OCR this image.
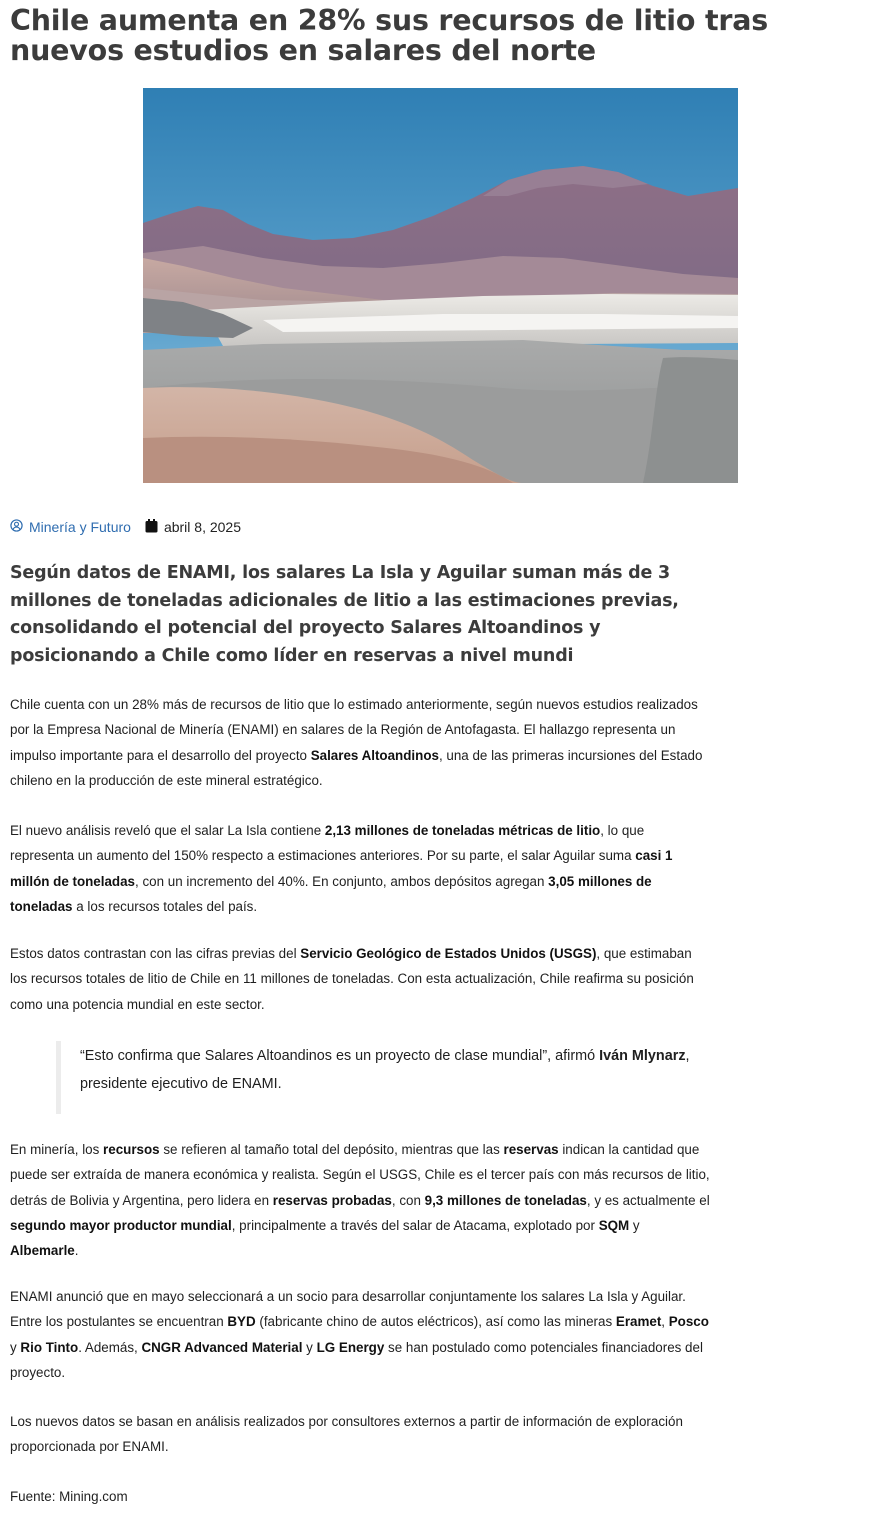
Chile aumenta en 28% sus recursos de litio tras nuevos estudios en salares del norte
Minería y Futuro abril 8, 2025

Según datos de ENAMI, los salares La Isla y Aguilar suman más de 3 millones de toneladas adicionales de litio a las estimaciones previas, consolidando el potencial del proyecto Salares Altoandinos y posicionando a Chile como líder en reservas a nivel mundi

Chile cuenta con un 28% más de recursos de litio que lo estimado anteriormente, según nuevos estudios realizados por la Empresa Nacional de Minería (ENAMI) en salares de la Región de Antofagasta. El hallazgo representa un impulso importante para el desarrollo del proyecto Salares Altoandinos, una de las primeras incursiones del Estado chileno en la producción de este mineral estratégico.

El nuevo análisis reveló que el salar La Isla contiene 2,13 millones de toneladas métricas de litio, lo que representa un aumento del 150% respecto a estimaciones anteriores. Por su parte, el salar Aguilar suma casi 1 millón de toneladas, con un incremento del 40%. En conjunto, ambos depósitos agregan 3,05 millones de toneladas a los recursos totales del país.

Estos datos contrastan con las cifras previas del Servicio Geológico de Estados Unidos (USGS), que estimaban los recursos totales de litio de Chile en 11 millones de toneladas. Con esta actualización, Chile reafirma su posición como una potencia mundial en este sector.

“Esto confirma que Salares Altoandinos es un proyecto de clase mundial”, afirmó Iván Mlynarz, presidente ejecutivo de ENAMI.

En minería, los recursos se refieren al tamaño total del depósito, mientras que las reservas indican la cantidad que puede ser extraída de manera económica y realista. Según el USGS, Chile es el tercer país con más recursos de litio, detrás de Bolivia y Argentina, pero lidera en reservas probadas, con 9,3 millones de toneladas, y es actualmente el segundo mayor productor mundial, principalmente a través del salar de Atacama, explotado por SQM y Albemarle.

ENAMI anunció que en mayo seleccionará a un socio para desarrollar conjuntamente los salares La Isla y Aguilar. Entre los postulantes se encuentran BYD (fabricante chino de autos eléctricos), así como las mineras Eramet, Posco y Rio Tinto. Además, CNGR Advanced Material y LG Energy se han postulado como potenciales financiadores del proyecto.

Los nuevos datos se basan en análisis realizados por consultores externos a partir de información de exploración proporcionada por ENAMI.

Fuente: Mining.com
